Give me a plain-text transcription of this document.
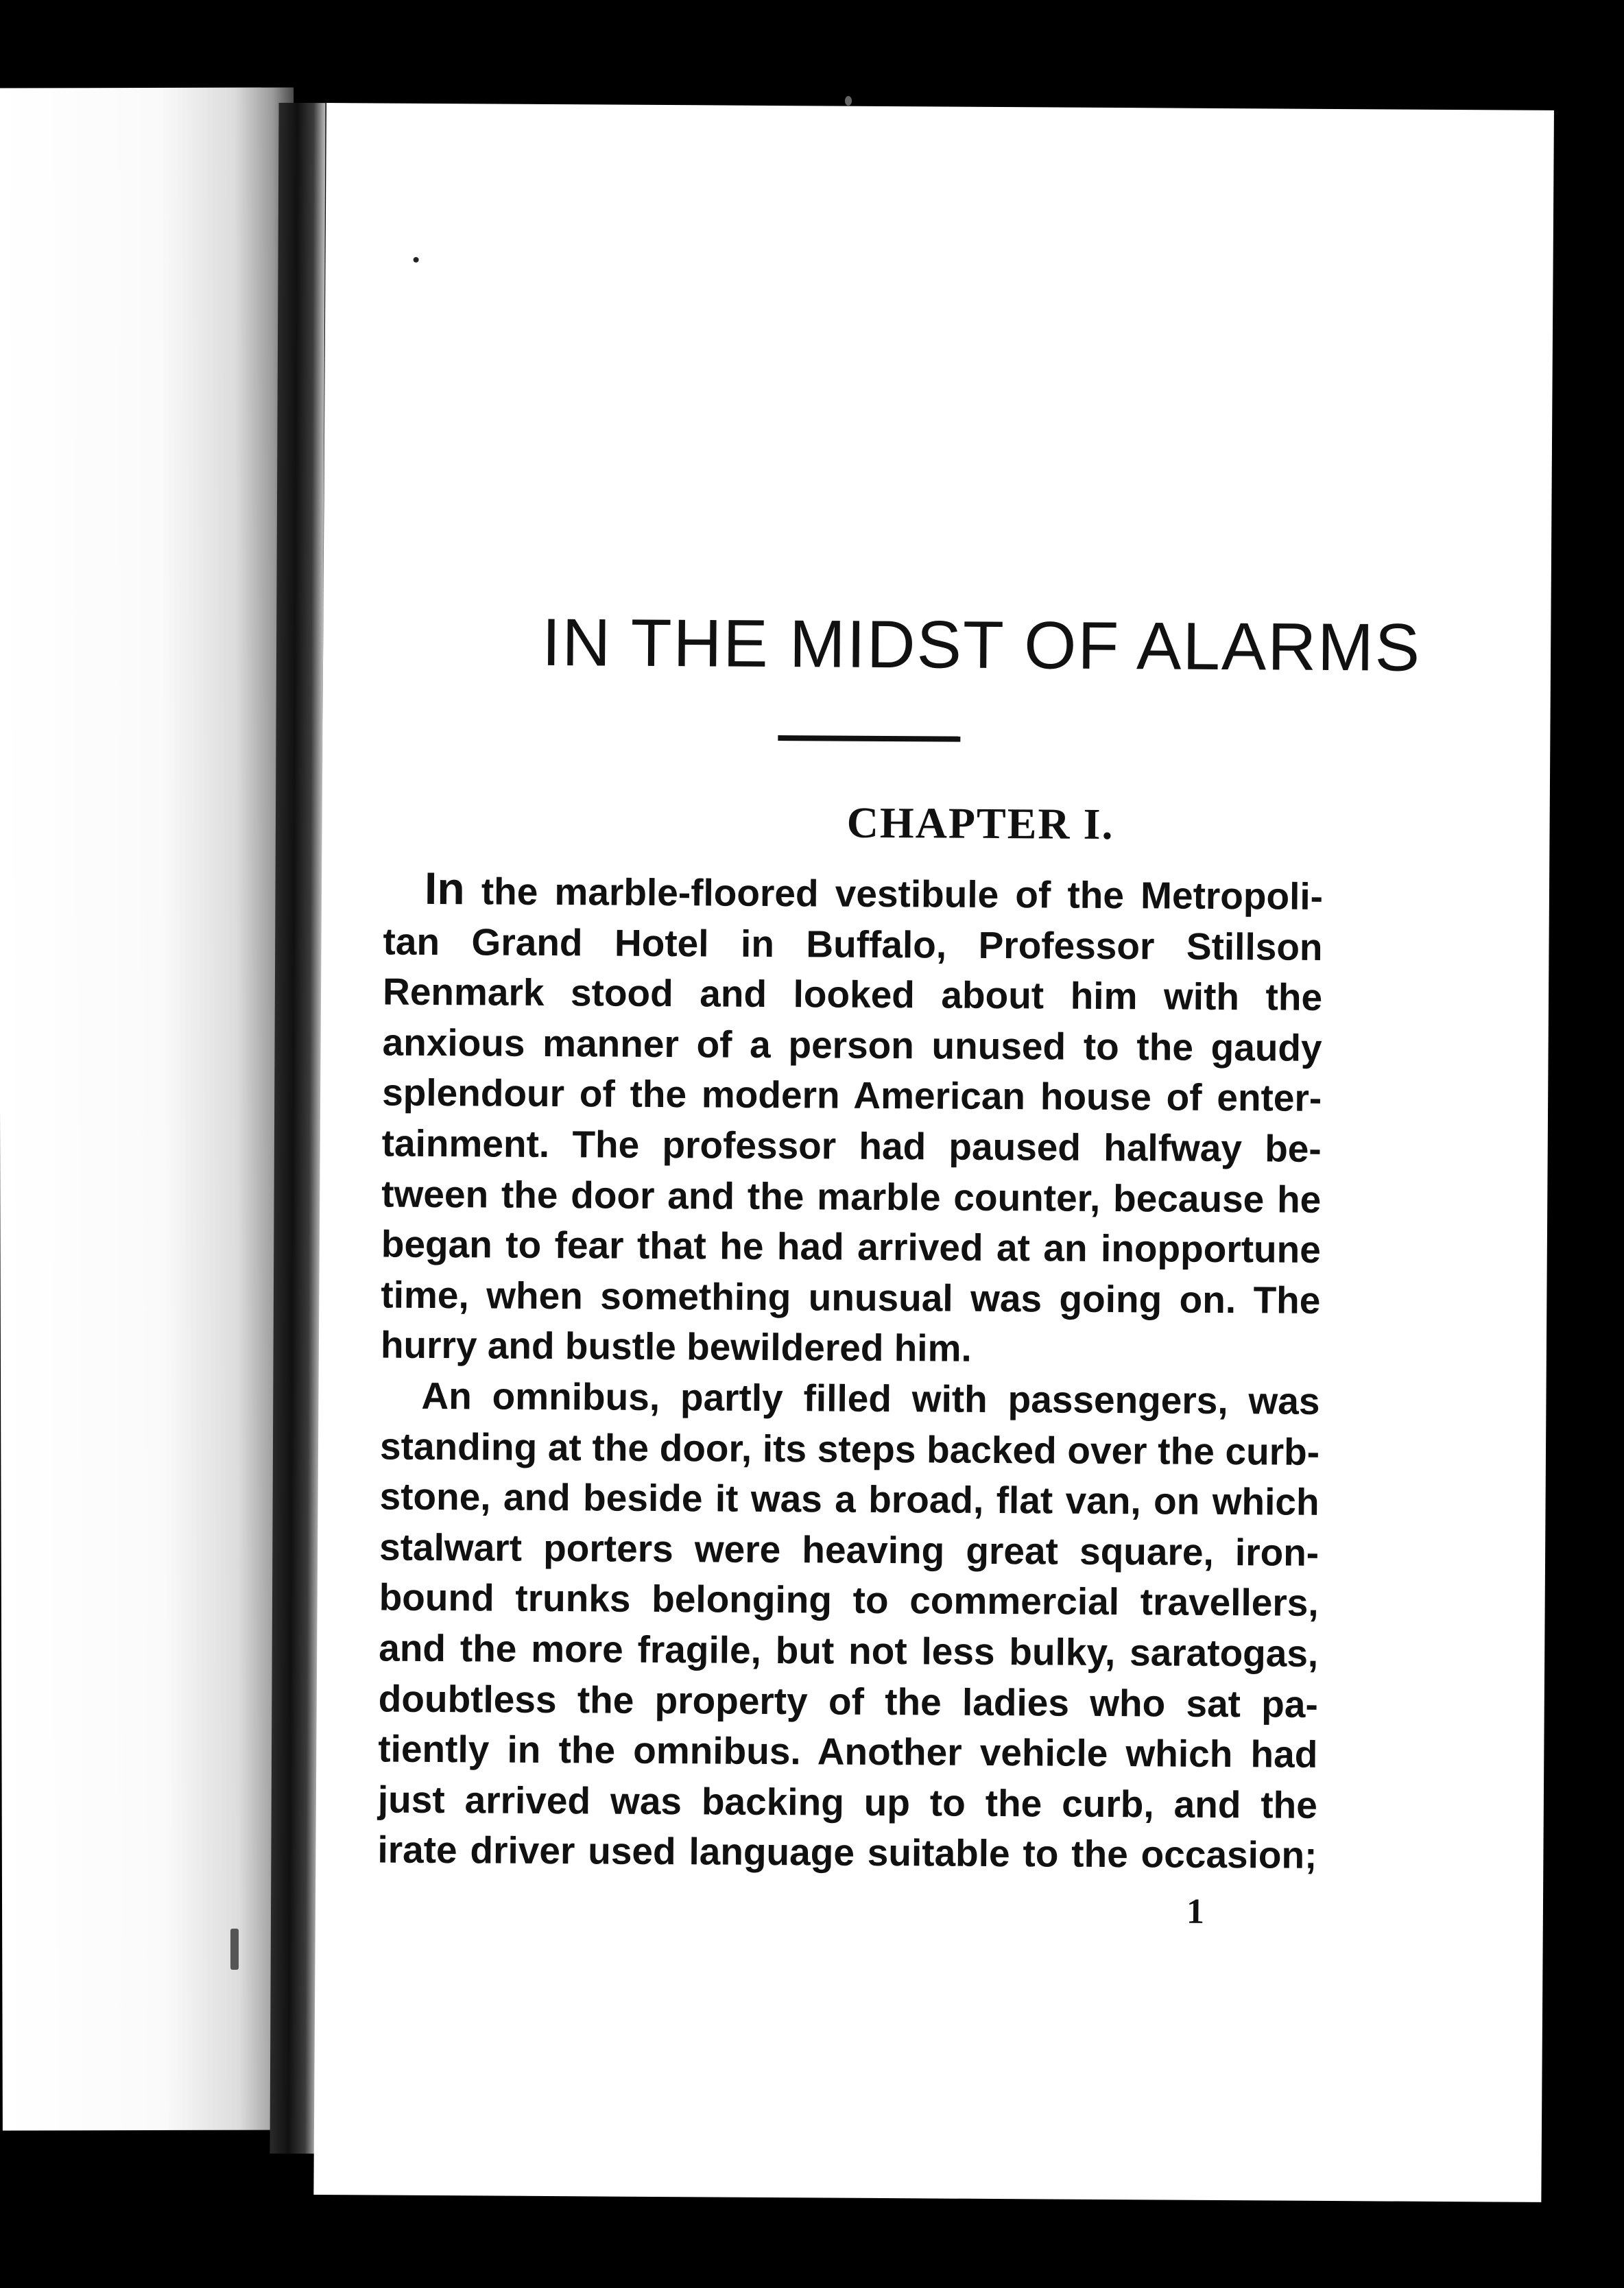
IN THE MIDST OF ALARMS
CHAPTER I.
In the marble-floored vestibule of the Metropoli-
tan Grand Hotel in Buffalo, Professor Stillson
Renmark stood and looked about him with the
anxious manner of a person unused to the gaudy
splendour of the modern American house of enter-
tainment. The professor had paused halfway be-
tween the door and the marble counter, because he
began to fear that he had arrived at an inopportune
time, when something unusual was going on. The
hurry and bustle bewildered him.
An omnibus, partly filled with passengers, was
standing at the door, its steps backed over the curb-
stone, and beside it was a broad, flat van, on which
stalwart porters were heaving great square, iron-
bound trunks belonging to commercial travellers,
and the more fragile, but not less bulky, saratogas,
doubtless the property of the ladies who sat pa-
tiently in the omnibus. Another vehicle which had
just arrived was backing up to the curb, and the
irate driver used language suitable to the occasion;
1
